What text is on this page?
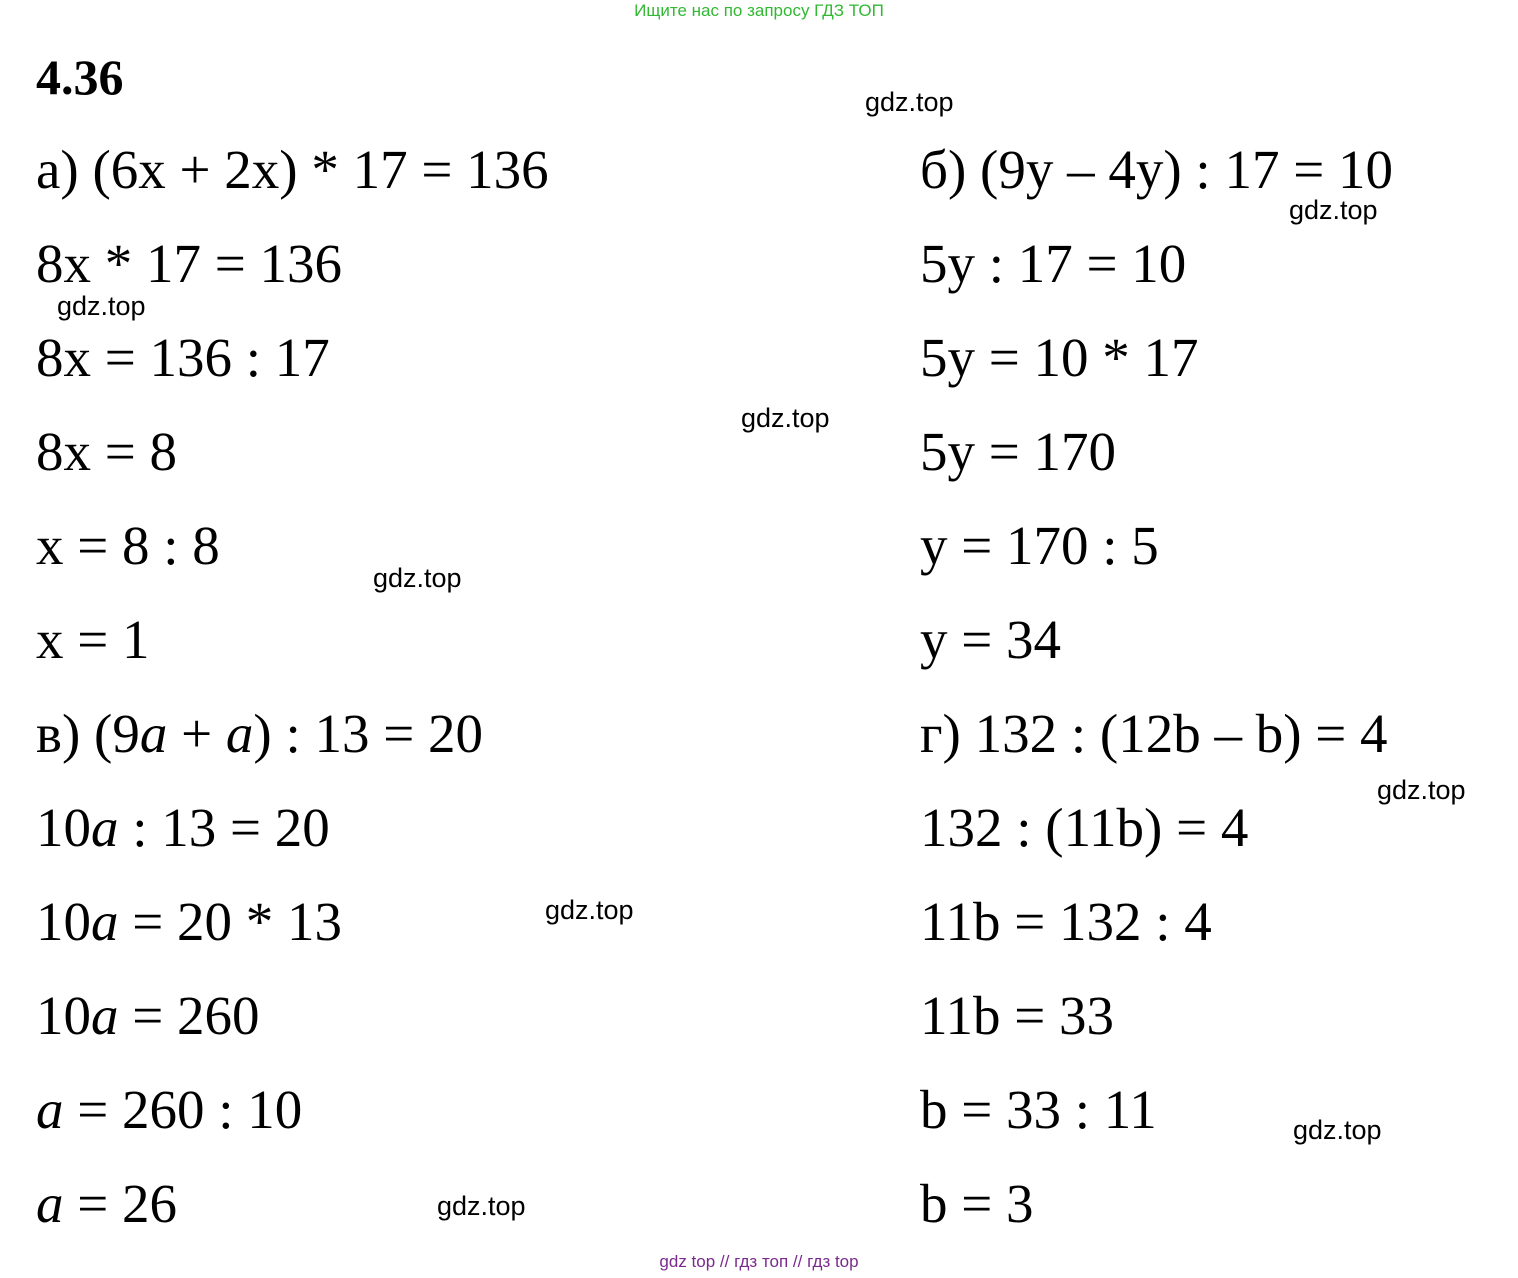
Ищите нас по запросу ГДЗ ТОП
4.36
а) (6x + 2x) * 17 = 136
8x * 17 = 136
8x = 136 : 17
8x = 8
x = 8 : 8
x = 1
в) (9a + a) : 13 = 20
10a : 13 = 20
10a = 20 * 13
10a = 260
a = 260 : 10
a = 26
б) (9y – 4y) : 17 = 10
5y : 17 = 10
5y = 10 * 17
5y = 170
y = 170 : 5
y = 34
г) 132 : (12b – b) = 4
132 : (11b) = 4
11b = 132 : 4
11b = 33
b = 33 : 11
b = 3
gdz.top
gdz.top
gdz.top
gdz.top
gdz.top
gdz.top
gdz.top
gdz.top
gdz.top
gdz top // гдз топ // гдз top
